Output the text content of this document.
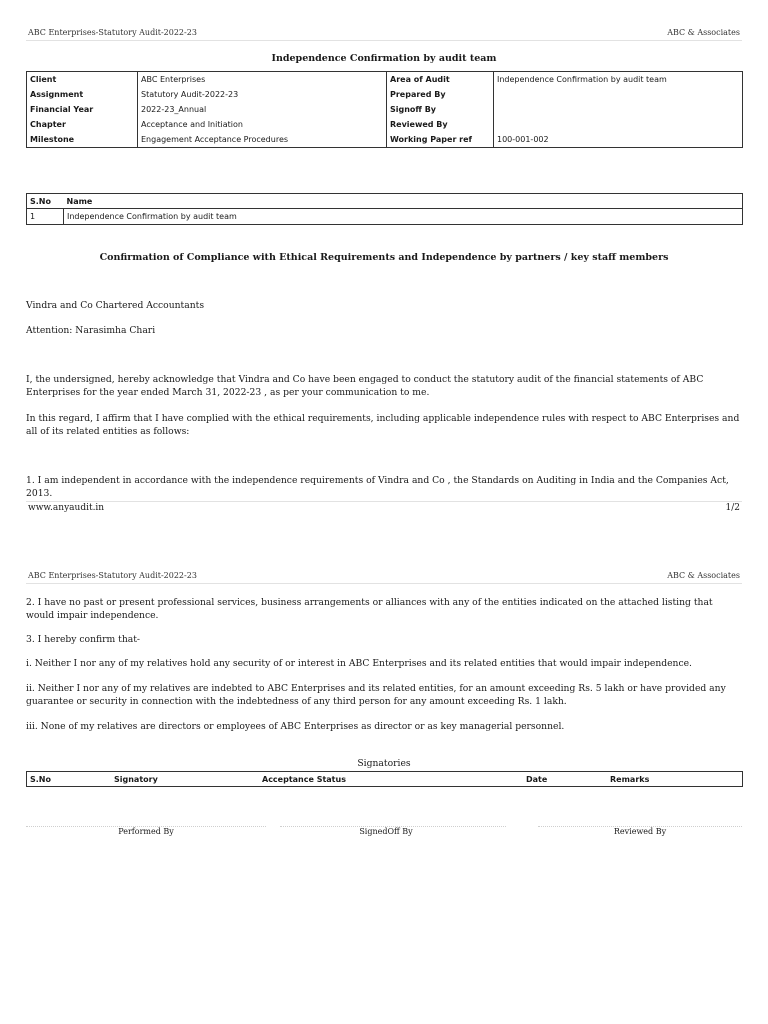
ABC Enterprises-Statutory Audit-2022-23	ABC & Associates
Independence Confirmation by audit team
Client	ABC Enterprises	Area of Audit	Independence Confirmation by audit team
Assignment	Statutory Audit-2022-23	Prepared By	
Financial Year	2022-23_Annual	Signoff By	
Chapter	Acceptance and Initiation	Reviewed By	
Milestone	Engagement Acceptance Procedures	Working Paper ref	100-001-002
S.No	Name
1	Independence Confirmation by audit team
Confirmation of Compliance with Ethical Requirements and Independence by partners / key staff members
Vindra and Co Chartered Accountants
Attention: Narasimha Chari
I, the undersigned, hereby acknowledge that Vindra and Co have been engaged to conduct the statutory audit of the financial statements of ABC Enterprises for the year ended March 31, 2022-23 , as per your communication to me.
In this regard, I affirm that I have complied with the ethical requirements, including applicable independence rules with respect to ABC Enterprises and all of its related entities as follows:
1. I am independent in accordance with the independence requirements of Vindra and Co , the Standards on Auditing in India and the Companies Act, 2013.
www.anyaudit.in	1/2
ABC Enterprises-Statutory Audit-2022-23	ABC & Associates
2. I have no past or present professional services, business arrangements or alliances with any of the entities indicated on the attached listing that would impair independence.
3. I hereby confirm that-
i. Neither I nor any of my relatives hold any security of or interest in ABC Enterprises and its related entities that would impair independence.
ii. Neither I nor any of my relatives are indebted to ABC Enterprises and its related entities, for an amount exceeding Rs. 5 lakh or have provided any guarantee or security in connection with the indebtedness of any third person for any amount exceeding Rs. 1 lakh.
iii. None of my relatives are directors or employees of ABC Enterprises as director or as key managerial personnel.
Signatories
S.No	Signatory	Acceptance Status	Date	Remarks
Performed By	SignedOff By	Reviewed By
